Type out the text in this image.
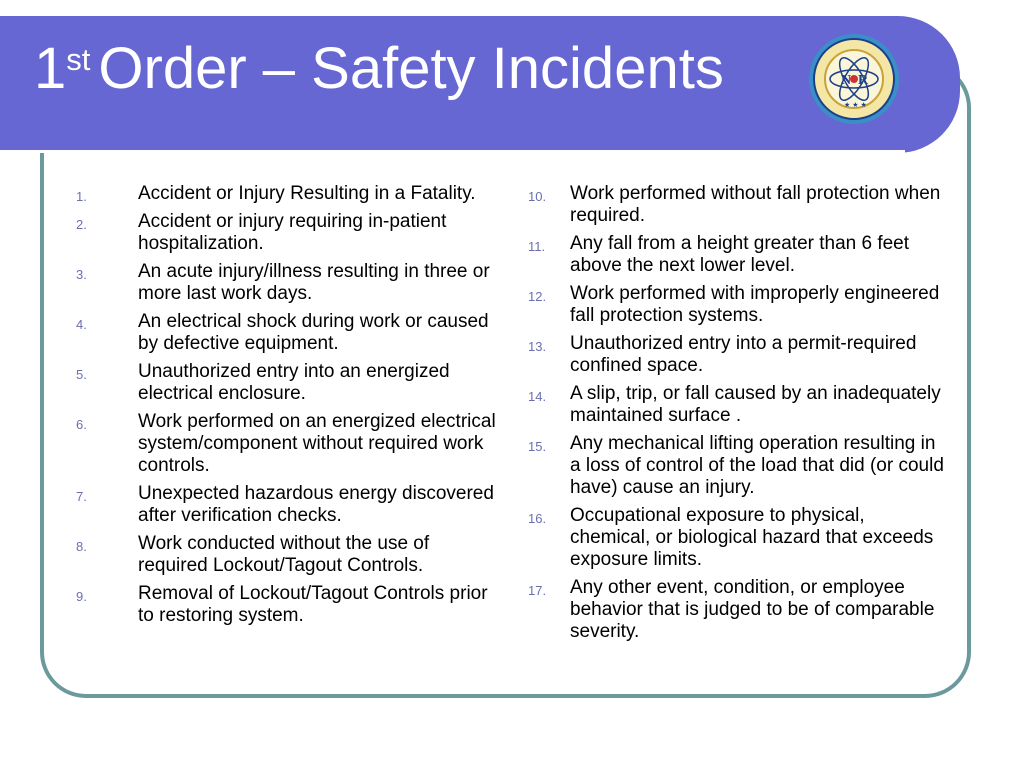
1st Order – Safety Incidents	N R
★ ★ ★
1.	Accident or Injury Resulting in a Fatality.
2.	Accident or injury requiring in-patient hospitalization.
3.	An acute injury/illness resulting in three or more last work days.
4.	An electrical shock during work or caused by defective equipment.
5.	Unauthorized entry into an energized electrical enclosure.
6.	Work performed on an energized electrical system/component without required work controls.
7.	Unexpected hazardous energy discovered after verification checks.
8.	Work conducted without the use of required Lockout/Tagout Controls.
9.	Removal of Lockout/Tagout Controls prior to restoring system.
10. Work performed without fall protection when required.
11. Any fall from a height greater than 6 feet above the next lower level.
12. Work performed with improperly engineered fall protection systems.
13. Unauthorized entry into a permit-required confined space.
14. A slip, trip, or fall caused by an inadequately maintained surface .
15. Any mechanical lifting operation resulting in a loss of control of the load that did (or could have) cause an injury.
16. Occupational exposure to physical, chemical, or biological hazard that exceeds exposure limits.
17. Any other event, condition, or employee behavior that is judged to be of comparable severity.
